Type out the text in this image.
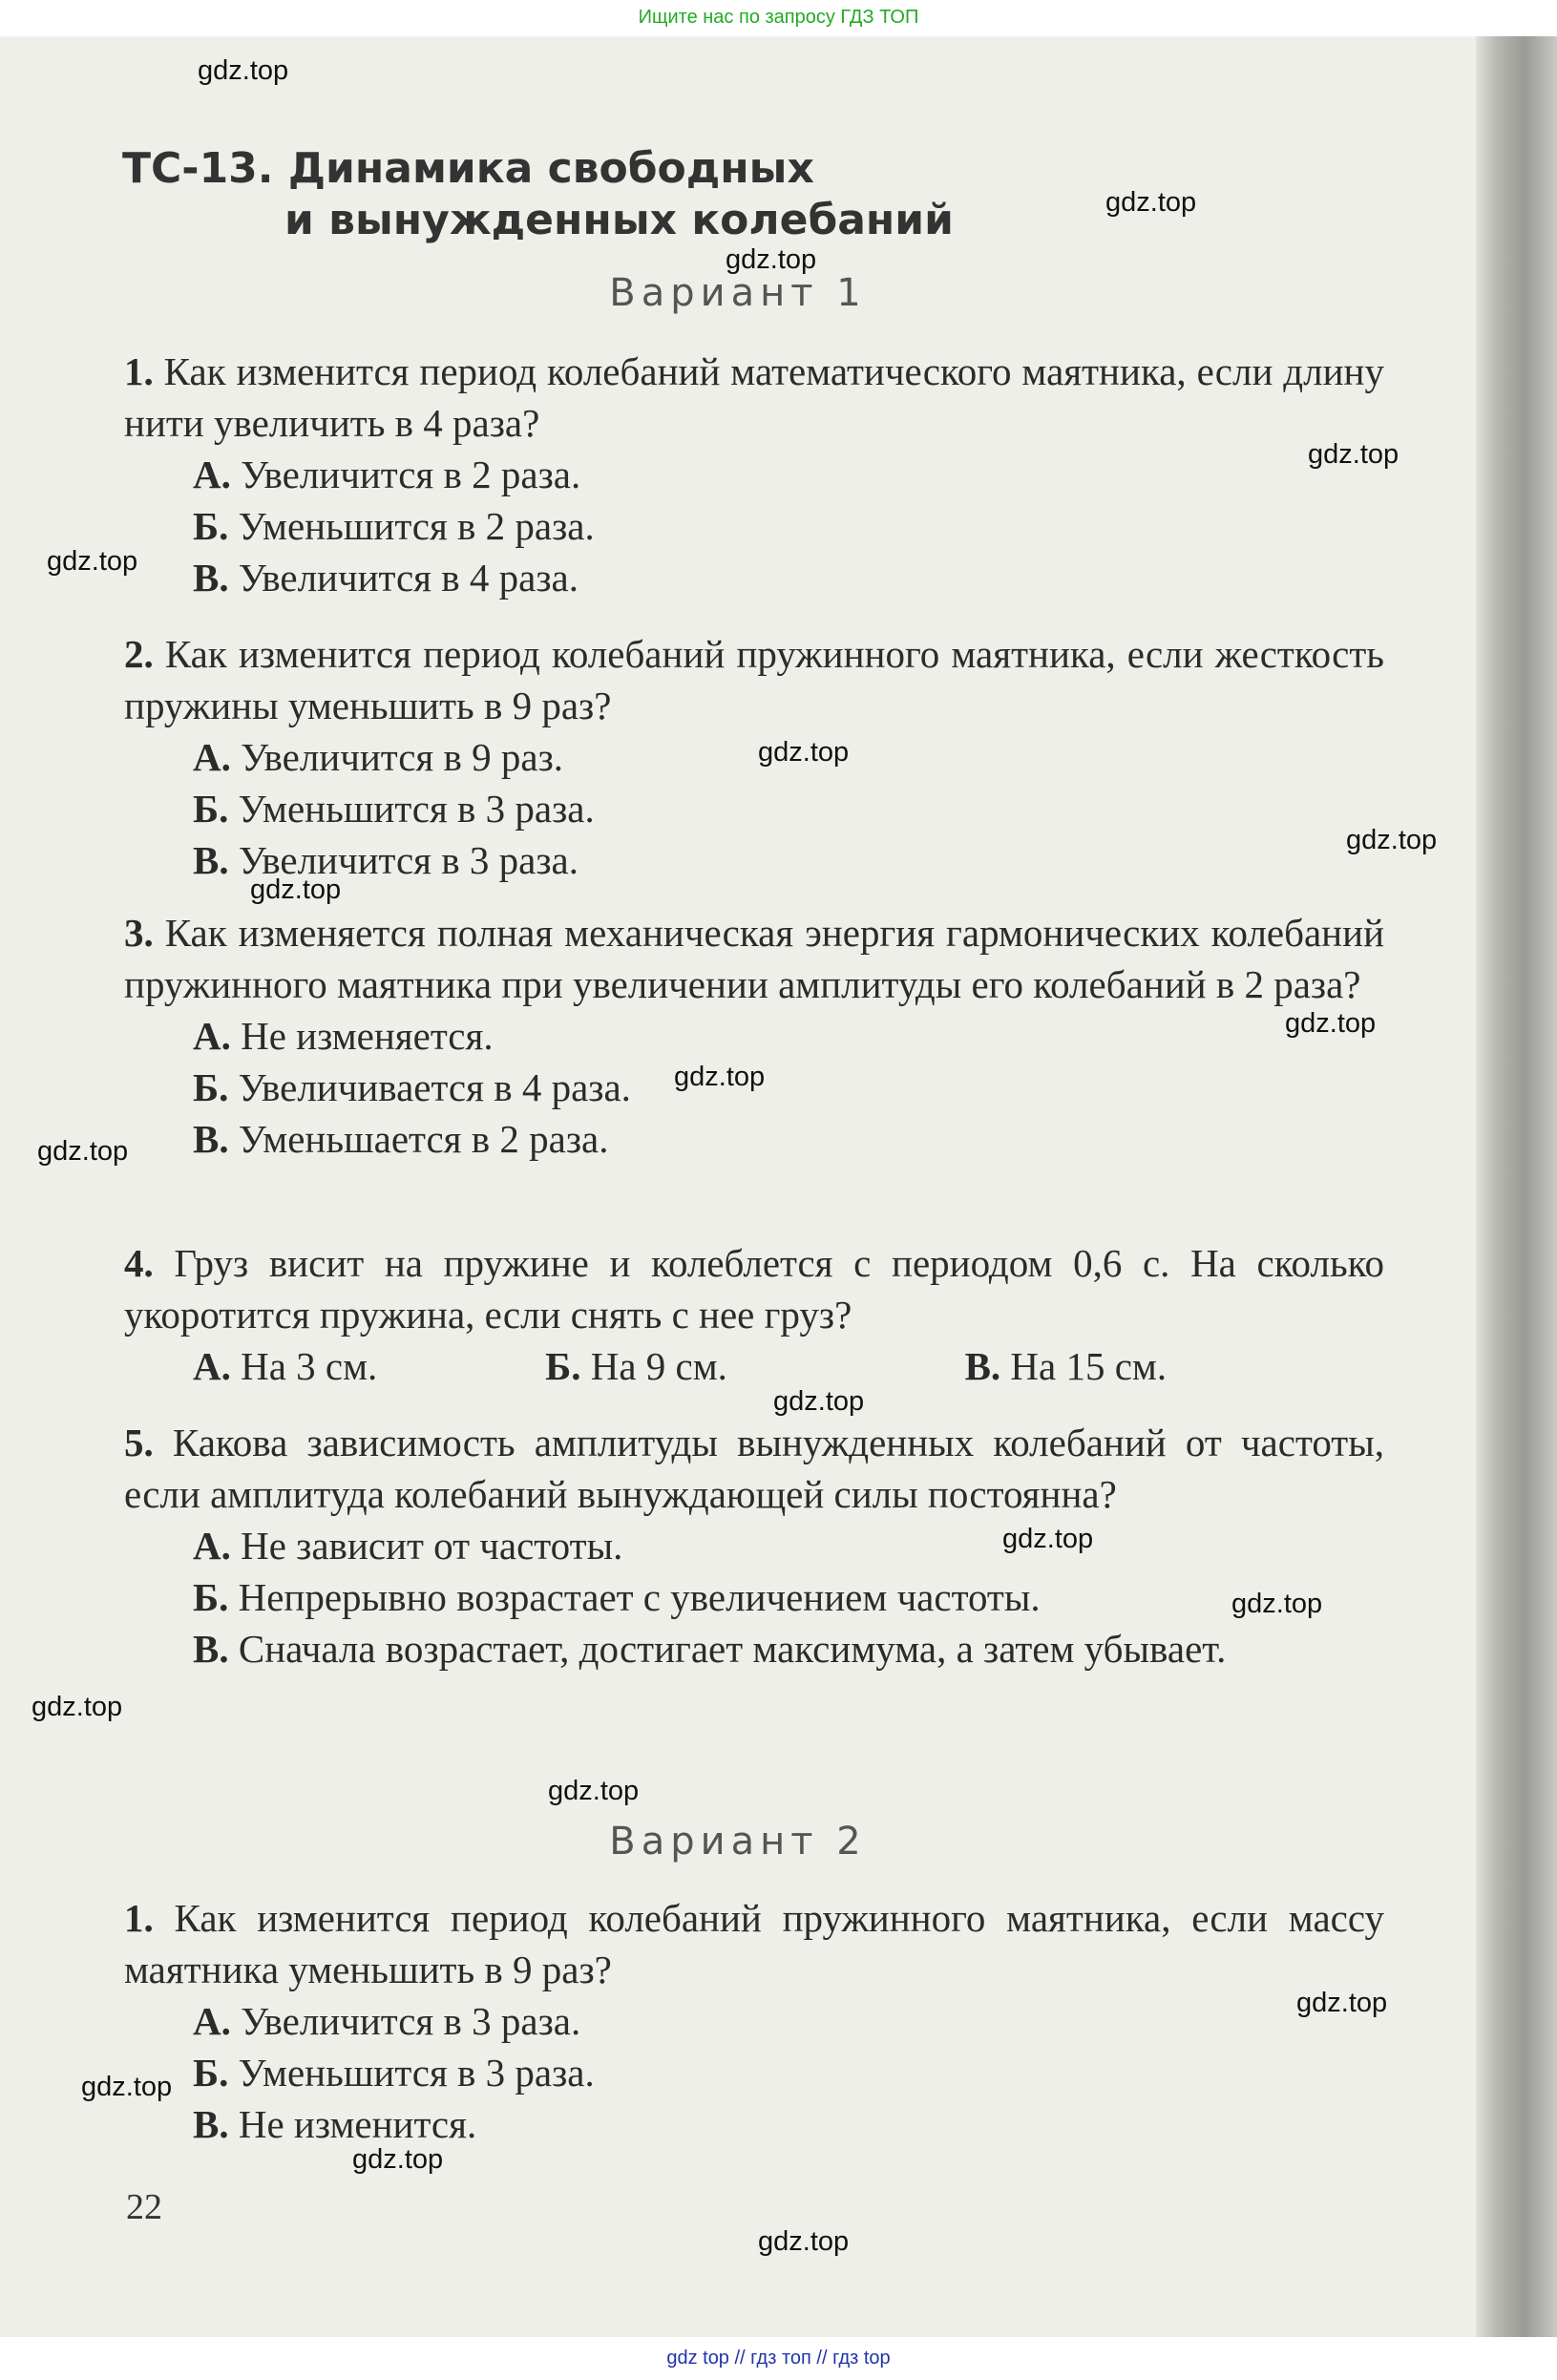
Ищите нас по запросу ГДЗ ТОП
ТС-13. Динамика свободных
и вынужденных колебаний
Вариант 1
1. Как изменится период колебаний математического маятника, если длину нити увеличить в 4 раза?
А. Увеличится в 2 раза.
Б. Уменьшится в 2 раза.
В. Увеличится в 4 раза.
2. Как изменится период колебаний пружинного маятника, если жесткость пружины уменьшить в 9 раз?
А. Увеличится в 9 раз.
Б. Уменьшится в 3 раза.
В. Увеличится в 3 раза.
3. Как изменяется полная механическая энергия гармонических колебаний пружинного маятника при увеличении амплитуды его колебаний в 2 раза?
А. Не изменяется.
Б. Увеличивается в 4 раза.
В. Уменьшается в 2 раза.
4. Груз висит на пружине и колеблется с периодом 0,6 с. На сколько укоротится пружина, если снять с нее груз?
А. На 3 см.	Б. На 9 см.	В. На 15 см.
5. Какова зависимость амплитуды вынужденных колебаний от частоты, если амплитуда колебаний вынуждающей силы постоянна?
А. Не зависит от частоты.
Б. Непрерывно возрастает с увеличением частоты.
В. Сначала возрастает, достигает максимума, а затем убывает.
Вариант 2
1. Как изменится период колебаний пружинного маятника, если массу маятника уменьшить в 9 раз?
А. Увеличится в 3 раза.
Б. Уменьшится в 3 раза.
В. Не изменится.
22
gdz.top
gdz.top
gdz.top
gdz.top
gdz.top
gdz.top
gdz.top
gdz.top
gdz.top
gdz.top
gdz.top
gdz.top
gdz.top
gdz.top
gdz.top
gdz.top
gdz.top
gdz.top
gdz.top
gdz.top
gdz top // гдз топ // гдз top
